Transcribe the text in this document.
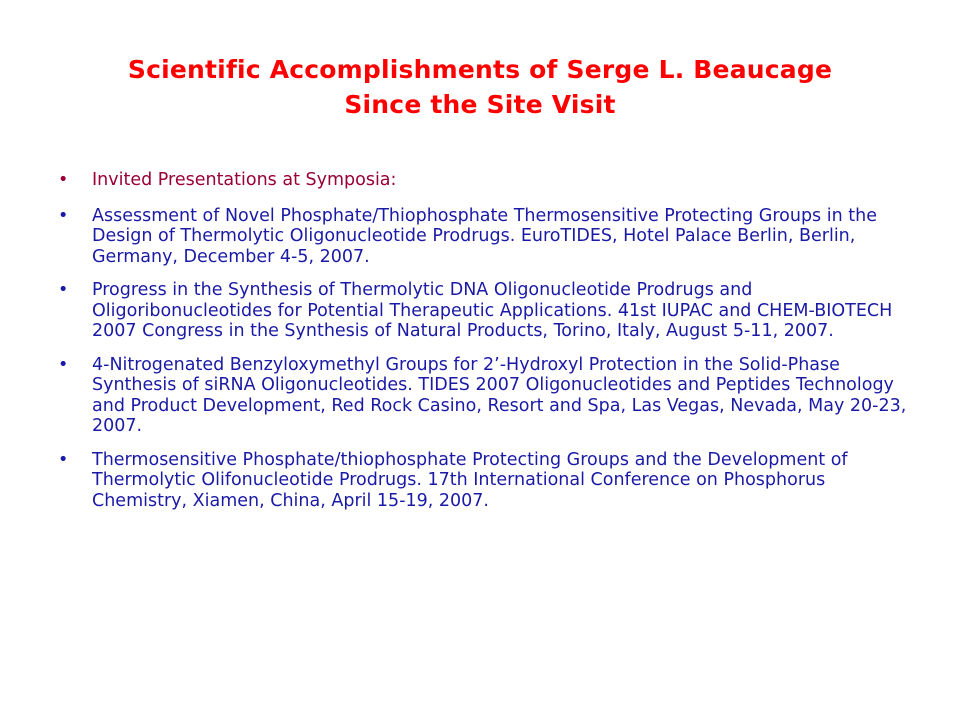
Scientific Accomplishments of Serge L. Beaucage
Since the Site Visit
•	Invited Presentations at Symposia:
•	Assessment of Novel Phosphate/Thiophosphate Thermosensitive Protecting Groups in the Design of Thermolytic Oligonucleotide Prodrugs. EuroTIDES, Hotel Palace Berlin, Berlin, Germany, December 4-5, 2007.
•	Progress in the Synthesis of Thermolytic DNA Oligonucleotide Prodrugs and Oligoribonucleotides for Potential Therapeutic Applications. 41st IUPAC and CHEM-BIOTECH 2007 Congress in the Synthesis of Natural Products, Torino, Italy, August 5-11, 2007.
•	4-Nitrogenated Benzyloxymethyl Groups for 2’-Hydroxyl Protection in the Solid-Phase Synthesis of siRNA Oligonucleotides. TIDES 2007 Oligonucleotides and Peptides Technology and Product Development, Red Rock Casino, Resort and Spa, Las Vegas, Nevada, May 20-23, 2007.
•	Thermosensitive Phosphate/thiophosphate Protecting Groups and the Development of Thermolytic Olifonucleotide Prodrugs. 17th International Conference on Phosphorus Chemistry, Xiamen, China, April 15-19, 2007.
